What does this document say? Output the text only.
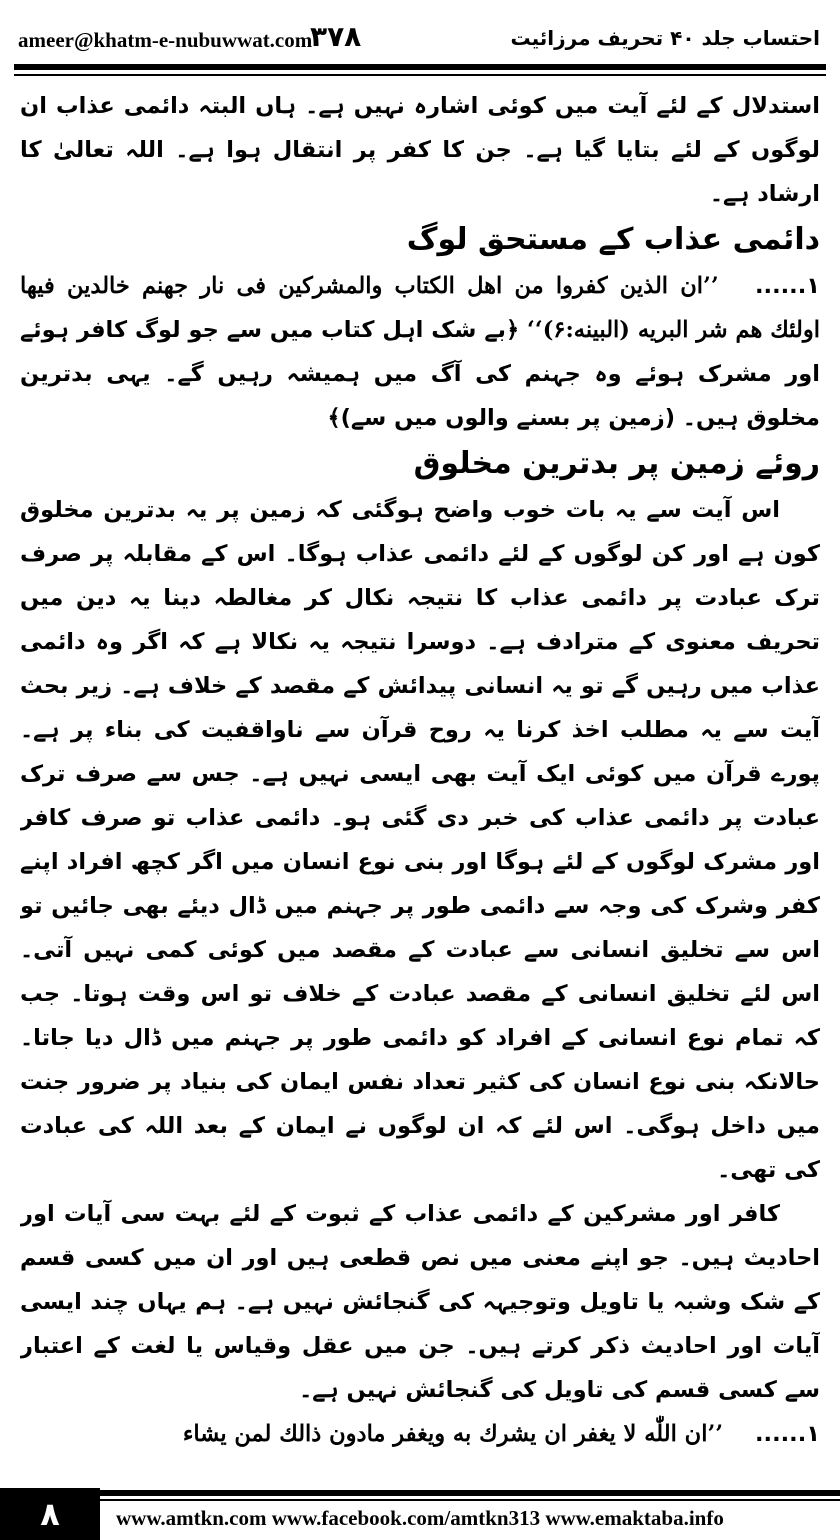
ameer@khatm-e-nubuwwat.com
۳۷۸	احتساب جلد ۴۰ تحریف مرزائیت

استدلال کے لئے آیت میں کوئی اشارہ نہیں ہے۔ ہاں البتہ دائمی عذاب ان لوگوں کے لئے بتایا گیا ہے۔ جن کا کفر پر انتقال ہوا ہے۔ اللہ تعالیٰ کا ارشاد ہے۔

دائمی عذاب کے مستحق لوگ

۱...... ’’ان الذین کفروا من اهل الکتاب والمشرکین فی نار جهنم خالدین فیها اولئك هم شر البریه (البینه:۶)‘‘ ﴿بے شک اہل کتاب میں سے جو لوگ کافر ہوئے اور مشرک ہوئے وہ جہنم کی آگ میں ہمیشہ رہیں گے۔ یہی بدترین مخلوق ہیں۔ (زمین پر بسنے والوں میں سے)﴾

روئے زمین پر بدترین مخلوق

اس آیت سے یہ بات خوب واضح ہوگئی کہ زمین پر یہ بدترین مخلوق کون ہے اور کن لوگوں کے لئے دائمی عذاب ہوگا۔ اس کے مقابلہ پر صرف ترک عبادت پر دائمی عذاب کا نتیجہ نکال کر مغالطہ دینا یہ دین میں تحریف معنوی کے مترادف ہے۔ دوسرا نتیجہ یہ نکالا ہے کہ اگر وہ دائمی عذاب میں رہیں گے تو یہ انسانی پیدائش کے مقصد کے خلاف ہے۔ زیر بحث آیت سے یہ مطلب اخذ کرنا یہ روح قرآن سے ناواقفیت کی بناء پر ہے۔ پورے قرآن میں کوئی ایک آیت بھی ایسی نہیں ہے۔ جس سے صرف ترک عبادت پر دائمی عذاب کی خبر دی گئی ہو۔ دائمی عذاب تو صرف کافر اور مشرک لوگوں کے لئے ہوگا اور بنی نوع انسان میں اگر کچھ افراد اپنے کفر وشرک کی وجہ سے دائمی طور پر جہنم میں ڈال دیئے بھی جائیں تو اس سے تخلیق انسانی سے عبادت کے مقصد میں کوئی کمی نہیں آتی۔ اس لئے تخلیق انسانی کے مقصد عبادت کے خلاف تو اس وقت ہوتا۔ جب کہ تمام نوع انسانی کے افراد کو دائمی طور پر جہنم میں ڈال دیا جاتا۔ حالانکہ بنی نوع انسان کی کثیر تعداد نفس ایمان کی بنیاد پر ضرور جنت میں داخل ہوگی۔ اس لئے کہ ان لوگوں نے ایمان کے بعد اللہ کی عبادت کی تھی۔

کافر اور مشرکین کے دائمی عذاب کے ثبوت کے لئے بہت سی آیات اور احادیث ہیں۔ جو اپنے معنی میں نص قطعی ہیں اور ان میں کسی قسم کے شک وشبہ یا تاویل وتوجیہہ کی گنجائش نہیں ہے۔ ہم یہاں چند ایسی آیات اور احادیث ذکر کرتے ہیں۔ جن میں عقل وقیاس یا لغت کے اعتبار سے کسی قسم کی تاویل کی گنجائش نہیں ہے۔

۱...... ’’ان اللّٰه لا یغفر ان یشرك به ویغفر مادون ذالك لمن یشاء

۸	www.amtkn.com www.facebook.com/amtkn313 www.emaktaba.info
